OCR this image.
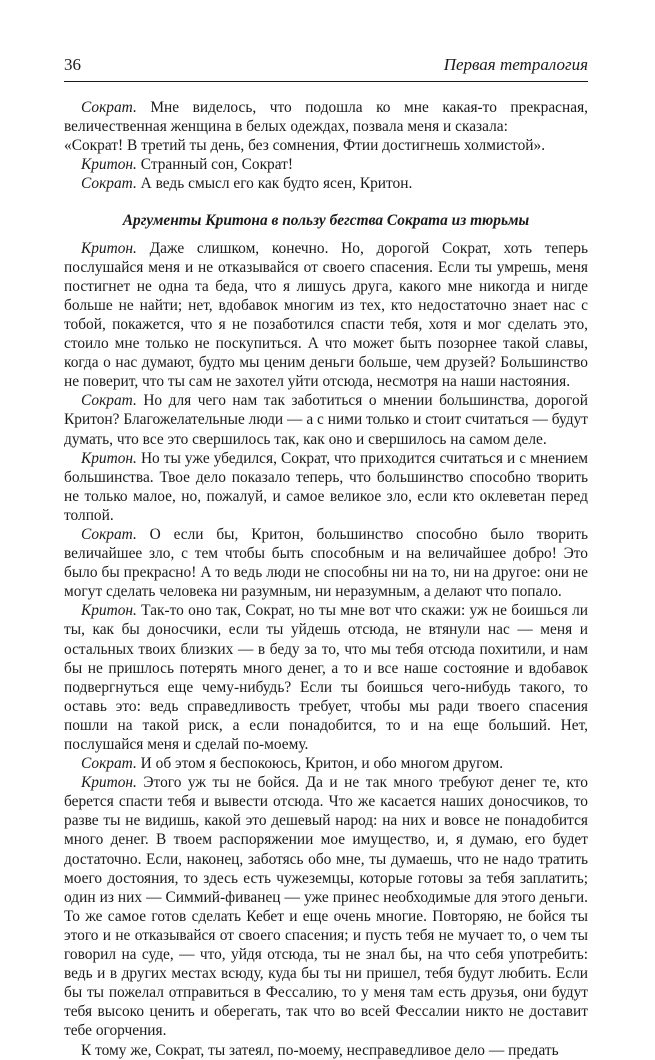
36	Первая тетралогия

Сократ. Мне виделось, что подошла ко мне какая-то прекрасная, величественная женщина в белых одеждах, позвала меня и сказала:

«Сократ! В третий ты день, без сомнения, Фтии достигнешь холмистой».

Критон. Странный сон, Сократ!

Сократ. А ведь смысл его как будто ясен, Критон.

Аргументы Критона в пользу бегства Сократа из тюрьмы

Критон. Даже слишком, конечно. Но, дорогой Сократ, хоть теперь послушайся меня и не отказывайся от своего спасения. Если ты умрешь, меня постигнет не одна та беда, что я лишусь друга, какого мне никогда и нигде больше не найти; нет, вдобавок многим из тех, кто недостаточно знает нас с тобой, покажется, что я не позаботился спасти тебя, хотя и мог сделать это, стоило мне только не поскупиться. А что может быть позорнее такой славы, когда о нас думают, будто мы ценим деньги больше, чем друзей? Большинство не поверит, что ты сам не захотел уйти отсюда, несмотря на наши настояния.

Сократ. Но для чего нам так заботиться о мнении большинства, дорогой Критон? Благожелательные люди — а с ними только и стоит считаться — будут думать, что все это свершилось так, как оно и свершилось на самом деле.

Критон. Но ты уже убедился, Сократ, что приходится считаться и с мнением большинства. Твое дело показало теперь, что большинство способно творить не только малое, но, пожалуй, и самое великое зло, если кто оклеветан перед толпой.

Сократ. О если бы, Критон, большинство способно было творить величайшее зло, с тем чтобы быть способным и на величайшее добро! Это было бы прекрасно! А то ведь люди не способны ни на то, ни на другое: они не могут сделать человека ни разумным, ни неразумным, а делают что попало.

Критон. Так-то оно так, Сократ, но ты мне вот что скажи: уж не боишься ли ты, как бы доносчики, если ты уйдешь отсюда, не втянули нас — меня и остальных твоих близких — в беду за то, что мы тебя отсюда похитили, и нам бы не пришлось потерять много денег, а то и все наше состояние и вдобавок подвергнуться еще чему-нибудь? Если ты боишься чего-нибудь такого, то оставь это: ведь справедливость требует, чтобы мы ради твоего спасения пошли на такой риск, а если понадобится, то и на еще больший. Нет, послушайся меня и сделай по-моему.

Сократ. И об этом я беспокоюсь, Критон, и обо многом другом.

Критон. Этого уж ты не бойся. Да и не так много требуют денег те, кто берется спасти тебя и вывести отсюда. Что же касается наших доносчиков, то разве ты не видишь, какой это дешевый народ: на них и вовсе не понадобится много денег. В твоем распоряжении мое имущество, и, я думаю, его будет достаточно. Если, наконец, заботясь обо мне, ты думаешь, что не надо тратить моего достояния, то здесь есть чужеземцы, которые готовы за тебя заплатить; один из них — Симмий-фиванец — уже принес необходимые для этого деньги. То же самое готов сделать Кебет и еще очень многие. Повторяю, не бойся ты этого и не отказывайся от своего спасения; и пусть тебя не мучает то, о чем ты говорил на суде, — что, уйдя отсюда, ты не знал бы, на что себя употребить: ведь и в других местах всюду, куда бы ты ни пришел, тебя будут любить. Если бы ты пожелал отправиться в Фессалию, то у меня там есть друзья, они будут тебя высоко ценить и оберегать, так что во всей Фессалии никто не доставит тебе огорчения.

К тому же, Сократ, ты затеял, по-моему, несправедливое дело — предать
